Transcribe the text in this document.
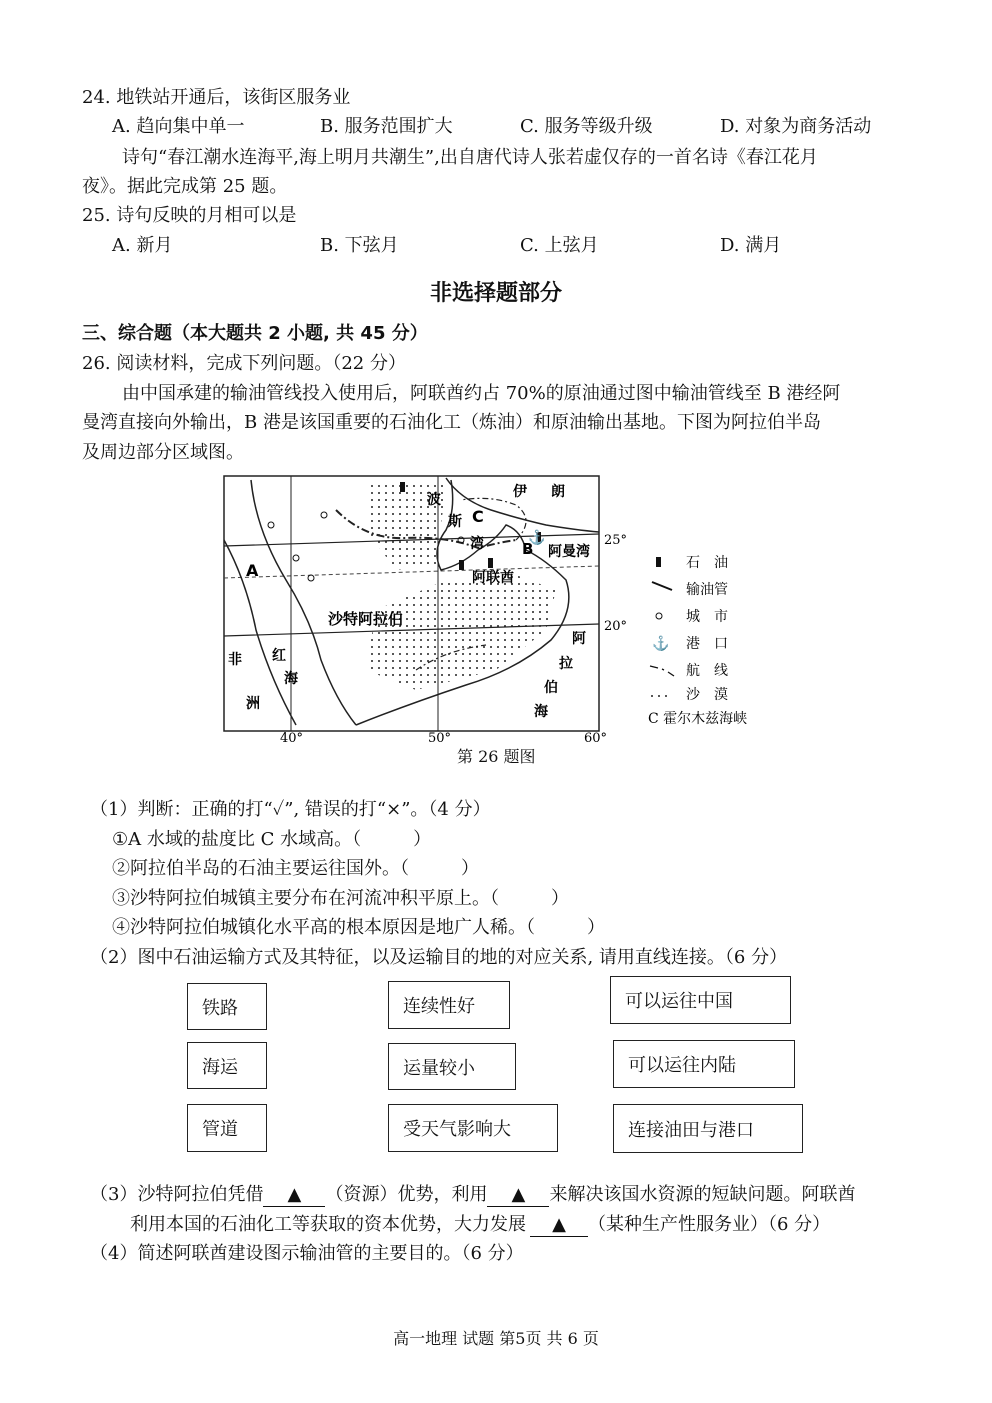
24. 地铁站开通后，该街区服务业
A. 趋向集中单一	B. 服务范围扩大	C. 服务等级升级	D. 对象为商务活动
诗句“春江潮水连海平,海上明月共潮生”,出自唐代诗人张若虚仅存的一首名诗《春江花月
夜》。据此完成第 25 题。
25. 诗句反映的月相可以是
A. 新月	B. 下弦月	C. 上弦月	D. 满月
非选择题部分
三、综合题（本大题共 2 小题, 共 45 分）
26. 阅读材料，完成下列问题。（22 分）
由中国承建的输油管线投入使用后，阿联酋约占 70%的原油通过图中输油管线至 B 港经阿
曼湾直接向外输出，B 港是该国重要的石油化工（炼油）和原油输出基地。下图为阿拉伯半岛
及周边部分区域图。
⚓
伊 朗
波
斯
湾
C
B 阿曼湾
阿联酋
A
沙特阿拉伯
非
洲
红
海
阿
拉
伯
海
25°
20°
40°	50°	60°
石　油
输油管
城　市
⚓ 港　口
航　线
沙　漠
C 霍尔木兹海峡
第 26 题图
（1）判断：正确的打“✓”, 错误的打“×”。（4 分）
①A 水域的盐度比 C 水域高。（	）
②阿拉伯半岛的石油主要运往国外。（	）
③沙特阿拉伯城镇主要分布在河流冲积平原上。（	）
④沙特阿拉伯城镇化水平高的根本原因是地广人稀。（	）
（2）图中石油运输方式及其特征，以及运输目的地的对应关系, 请用直线连接。（6 分）
铁路
海运
管道
连续性好
运量较小
受天气影响大
可以运往中国
可以运往内陆
连接油田与港口
（3）沙特阿拉伯凭借 ▲ （资源）优势，利用 ▲ 来解决该国水资源的短缺问题。阿联酋
利用本国的石油化工等获取的资本优势，大力发展 ▲ （某种生产性服务业）（6 分）
（4）简述阿联酋建设图示输油管的主要目的。（6 分）
高一地理 试题 第5页 共 6 页
